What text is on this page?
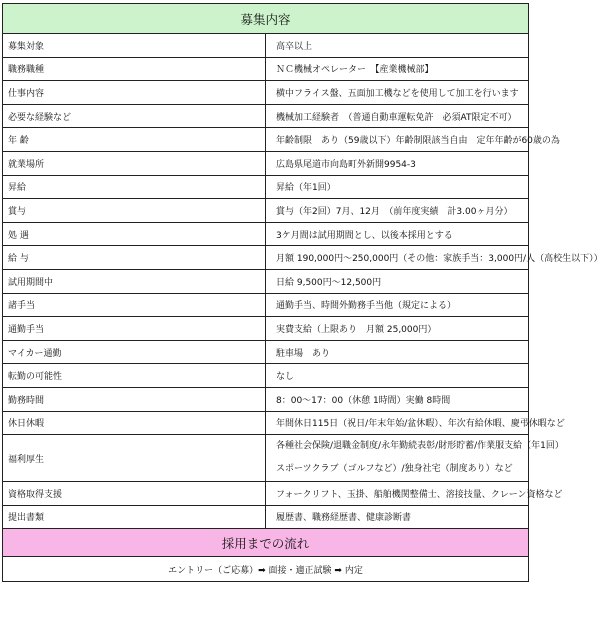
募集内容	
募集対象	高卒以上
職務職種	ＮＣ機械オペレーター　【産業機械部】
仕事内容	横中フライス盤、五面加工機などを使用して加工を行います
必要な経験など	機械加工経験者　（普通自動車運転免許　必須AT限定不可）
年 齢	年齢制限　あり（59歳以下）年齢制限該当自由　定年年齢が60歳の為
就業場所	広島県尾道市向島町外新開9954-3
昇給	昇給（年1回）
賞与	賞与（年2回）7月、12月　（前年度実績　計3.00ヶ月分）
処 遇	3ケ月間は試用期間とし、以後本採用とする
給 与	月額 190,000円～250,000円（その他：家族手当：3,000円/人（高校生以下））
試用期間中	日給 9,500円～12,500円
諸手当	通勤手当、時間外勤務手当他（規定による）
通勤手当	実費支給（上限あり　月額 25,000円）
マイカー通勤	駐車場　あり
転勤の可能性	なし
勤務時間	8：00～17：00（休憩 1時間）実働 8時間
休日休暇	年間休日115日（祝日/年末年始/盆休暇）、年次有給休暇、慶弔休暇など
福利厚生	各種社会保険/退職金制度/永年勤続表彰/財形貯蓄/作業服支給（年1回）
スポーツクラブ（ゴルフなど）/独身社宅（制度あり）など

資格取得支援	フォークリフト、玉掛、船舶機関整備士、溶接技量、クレーン資格など
提出書類	履歴書、職務経歴書、健康診断書
採用までの流れ	
エントリー（ご応募）➡ 面接・適正試験 ➡ 内定	
